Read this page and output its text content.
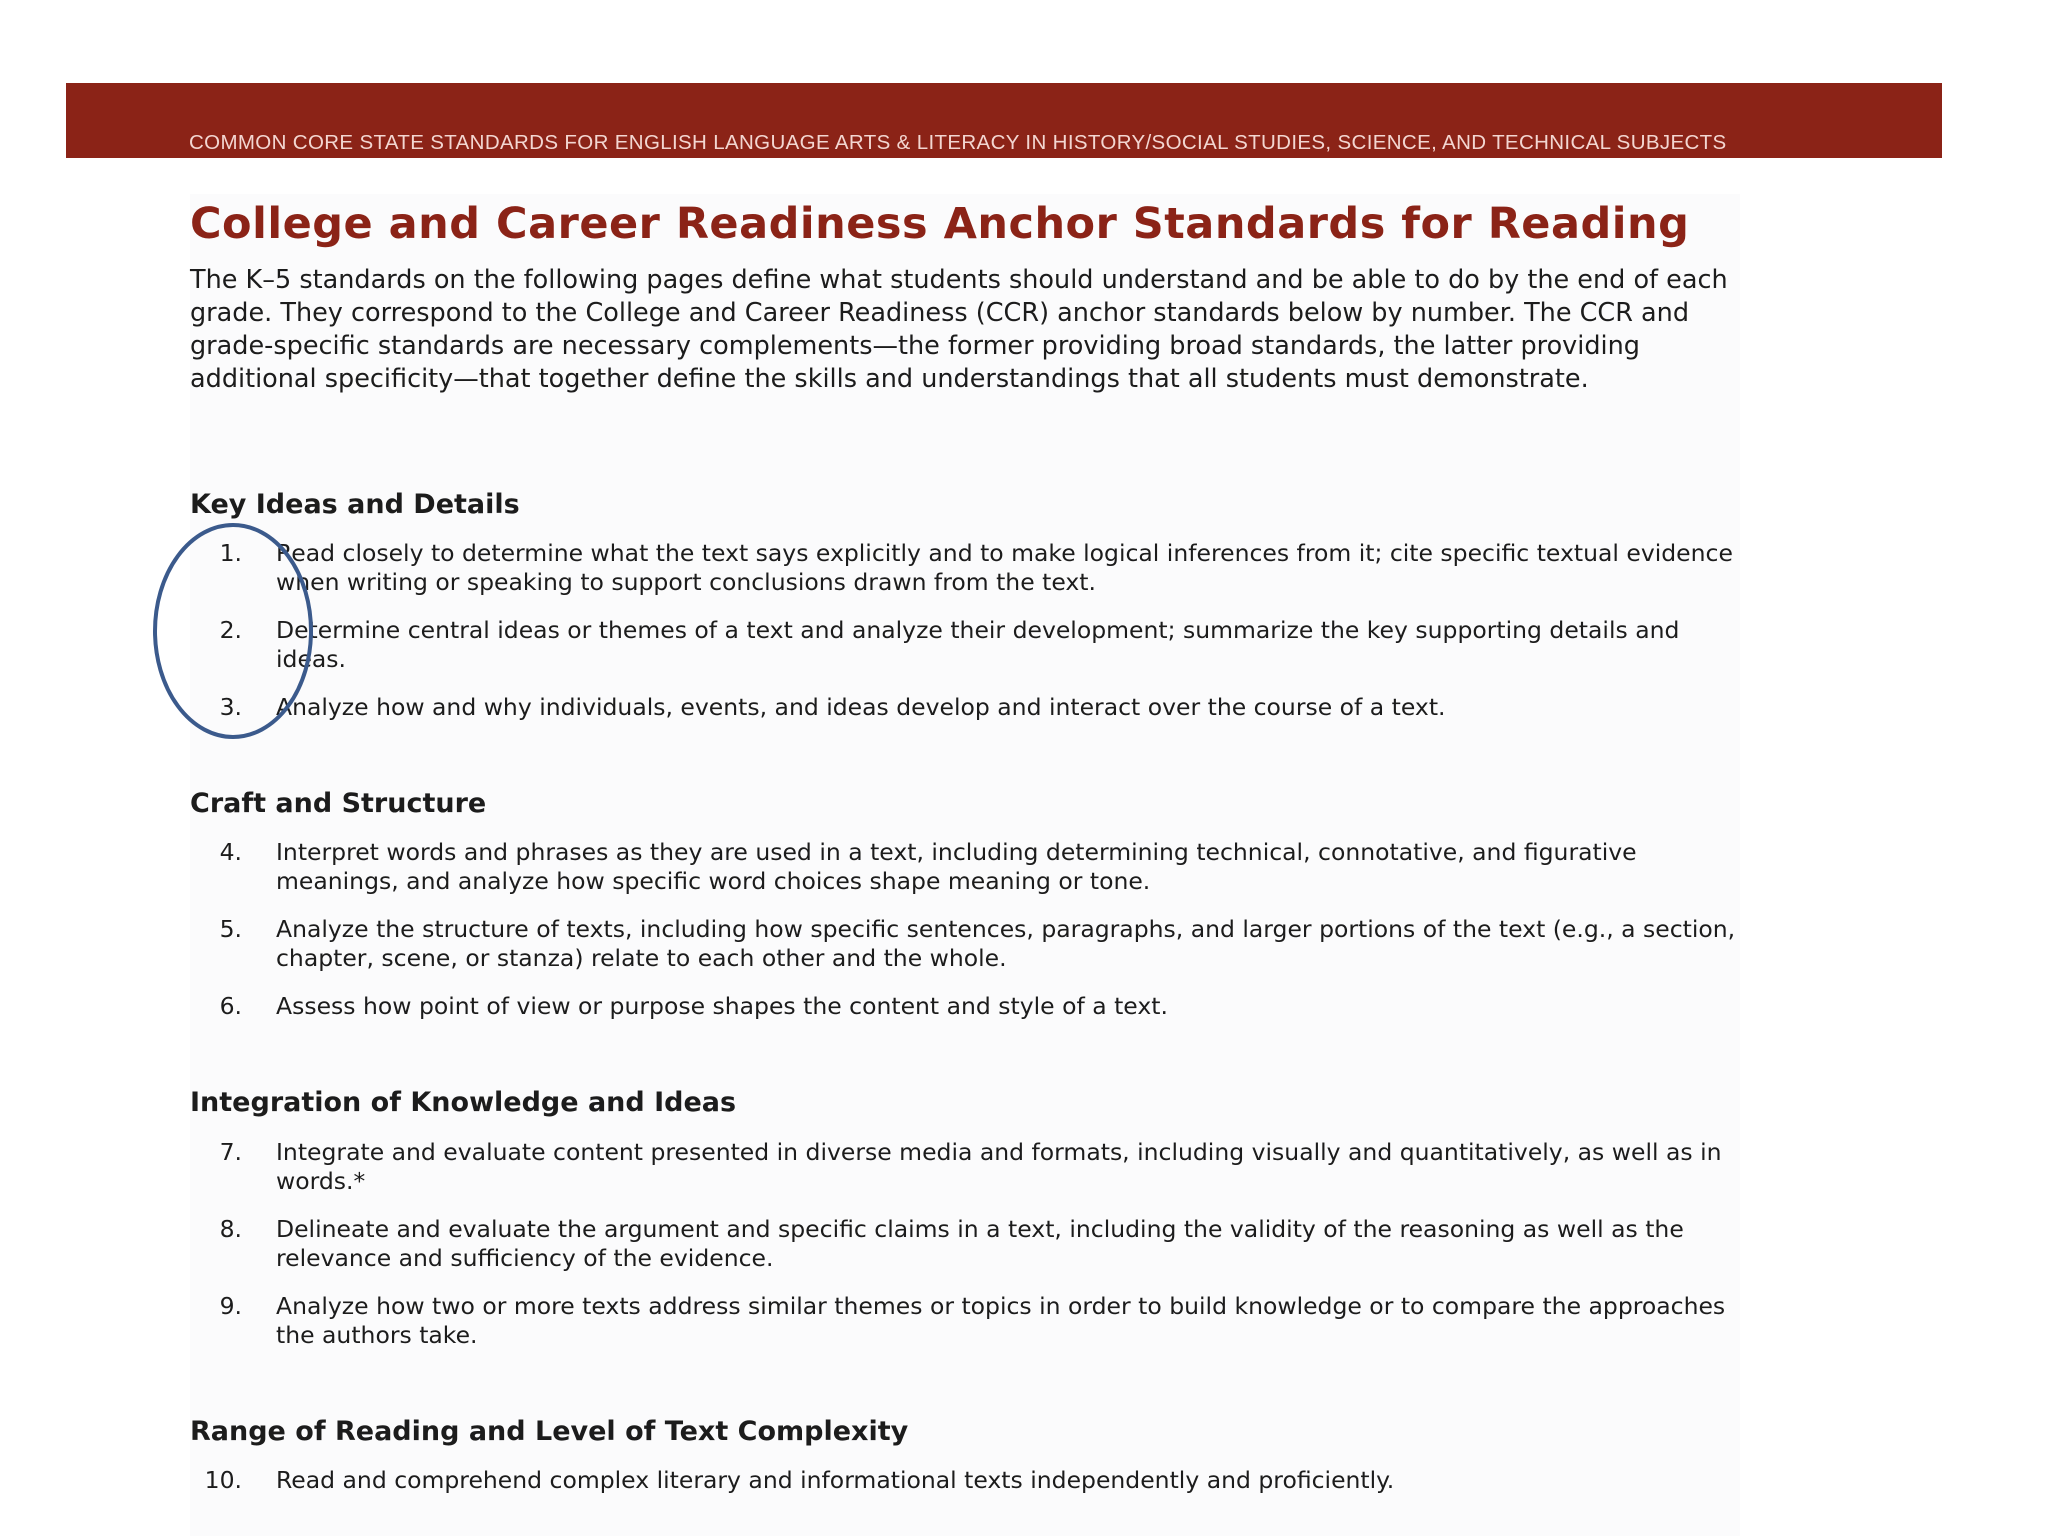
COMMON CORE STATE STANDARDS FOR ENGLISH LANGUAGE ARTS & LITERACY IN HISTORY/SOCIAL STUDIES, SCIENCE, AND TECHNICAL SUBJECTS
College and Career Readiness Anchor Standards for Reading

The K–5 standards on the following pages define what students should understand and be able to do by the end of each grade. They correspond to the College and Career Readiness (CCR) anchor standards below by number. The CCR and grade-specific standards are necessary complements—the former providing broad standards, the latter providing additional specificity—that together define the skills and understandings that all students must demonstrate.

Key Ideas and Details
1. Read closely to determine what the text says explicitly and to make logical inferences from it; cite specific textual evidence when writing or speaking to support conclusions drawn from the text.
2. Determine central ideas or themes of a text and analyze their development; summarize the key supporting details and ideas.
3. Analyze how and why individuals, events, and ideas develop and interact over the course of a text.
Craft and Structure
4. Interpret words and phrases as they are used in a text, including determining technical, connotative, and figurative meanings, and analyze how specific word choices shape meaning or tone.
5. Analyze the structure of texts, including how specific sentences, paragraphs, and larger portions of the text (e.g., a section, chapter, scene, or stanza) relate to each other and the whole.
6. Assess how point of view or purpose shapes the content and style of a text.
Integration of Knowledge and Ideas
7. Integrate and evaluate content presented in diverse media and formats, including visually and quantitatively, as well as in words.*
8. Delineate and evaluate the argument and specific claims in a text, including the validity of the reasoning as well as the relevance and sufficiency of the evidence.
9. Analyze how two or more texts address similar themes or topics in order to build knowledge or to compare the approaches the authors take.
Range of Reading and Level of Text Complexity
10. Read and comprehend complex literary and informational texts independently and proficiently.
